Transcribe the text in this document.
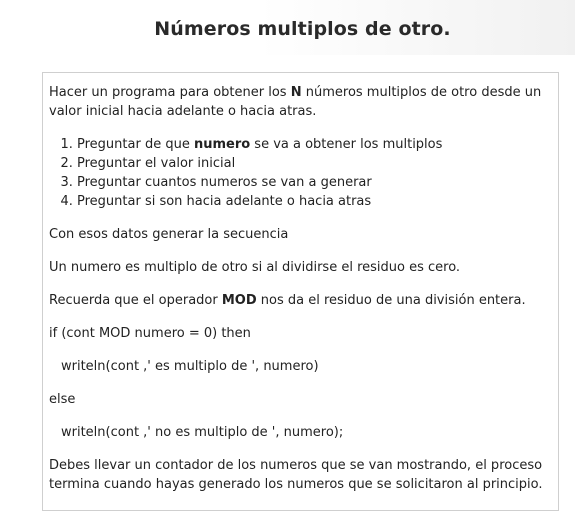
Números multiplos de otro.

Hacer un programa para obtener los N números multiplos de otro desde un valor inicial hacia adelante o hacia atras.

1. Preguntar de que numero se va a obtener los multiplos
2. Preguntar el valor inicial
3. Preguntar cuantos numeros se van a generar
4. Preguntar si son hacia adelante o hacia atras

Con esos datos generar la secuencia

Un numero es multiplo de otro si al dividirse el residuo es cero.

Recuerda que el operador MOD nos da el residuo de una división entera.

if (cont MOD numero = 0) then
writeln(cont ,' es multiplo de ', numero)
else
writeln(cont ,' no es multiplo de ', numero);

Debes llevar un contador de los numeros que se van mostrando, el proceso termina cuando hayas generado los numeros que se solicitaron al principio.
